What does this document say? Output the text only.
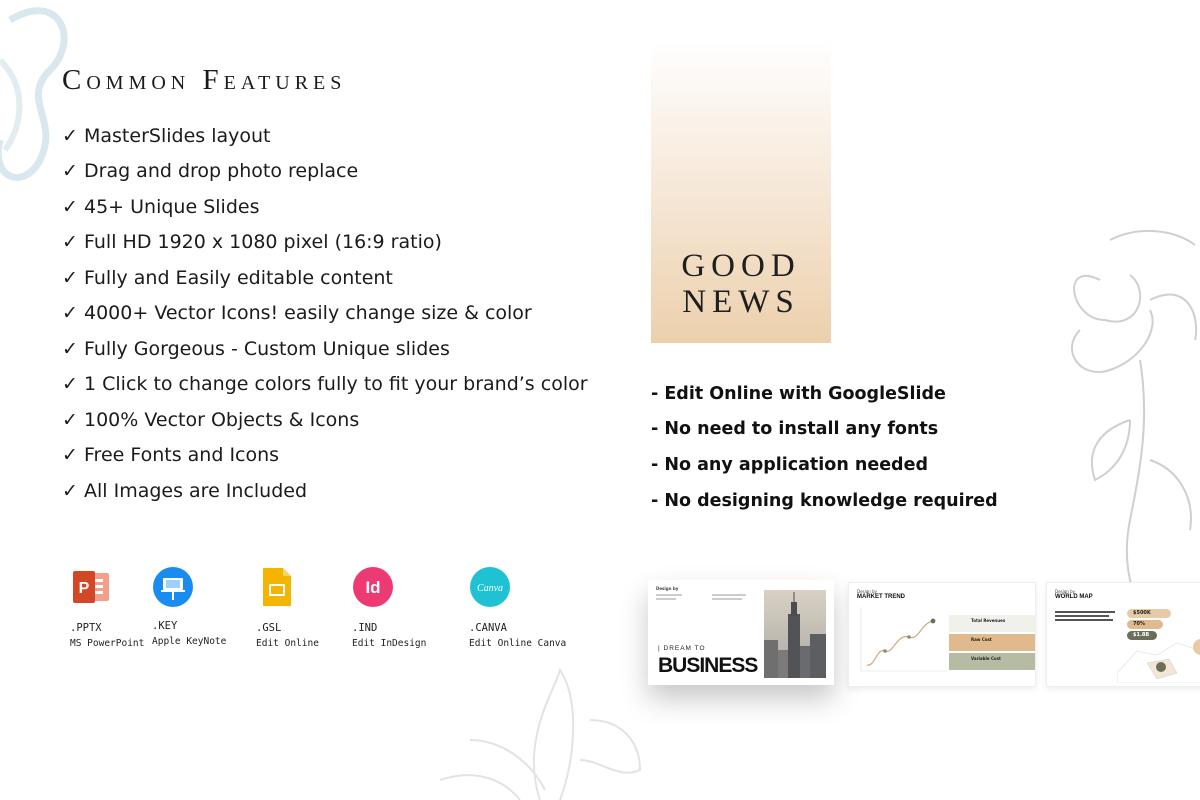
Common Features
✓ MasterSlides layout
✓ Drag and drop photo replace
✓ 45+ Unique Slides
✓ Full HD 1920 x 1080 pixel (16:9 ratio)
✓ Fully and Easily editable content
✓ 4000+ Vector Icons! easily change size & color
✓ Fully Gorgeous - Custom Unique slides
✓ 1 Click to change colors fully to fit your brand’s color
✓ 100% Vector Objects & Icons
✓ Free Fonts and Icons
✓ All Images are Included
P
.PPTX
MS PowerPoint
.KEY
Apple KeyNote
.GSL
Edit Online
Id
.IND
Edit InDesign
Canva
.CANVA
Edit Online Canva
GOOD
NEWS
- Edit Online with GoogleSlide
- No need to install any fonts
- No any application needed
- No designing knowledge required
Design by
| DREAM TO
BUSINESS
Design by
MARKET TREND
Total Revenues
Raw Cost
Variable Cost
Design by
WORLD MAP
$500K
70%
$1.8B
